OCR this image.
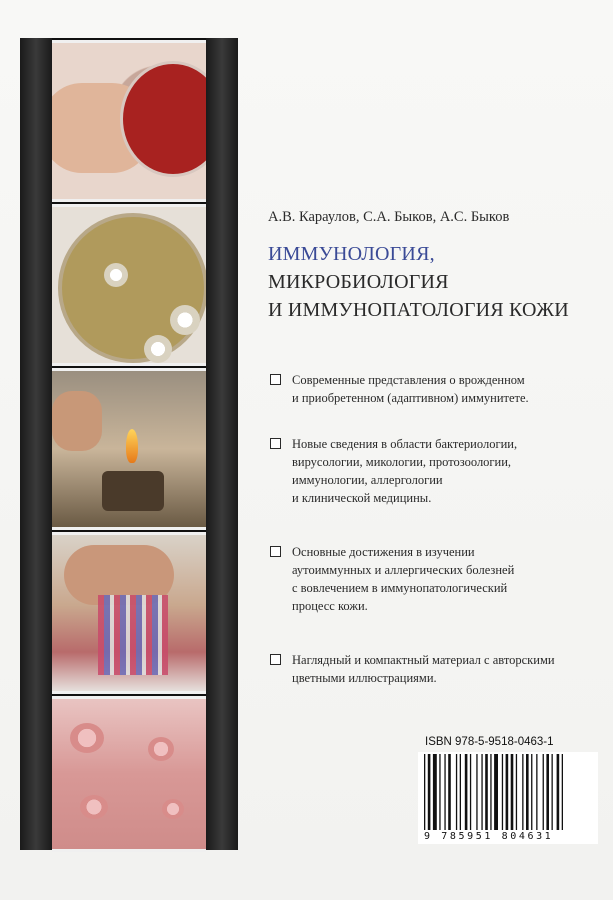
А.В. Караулов, С.А. Быков, А.С. Быков
ИММУНОЛОГИЯ,
МИКРОБИОЛОГИЯ
И ИММУНОПАТОЛОГИЯ КОЖИ
Современные представления о врожденном
и приобретенном (адаптивном) иммунитете.
Новые сведения в области бактериологии,
вирусологии, микологии, протозоологии,
иммунологии, аллергологии
и клинической медицины.
Основные достижения в изучении
аутоиммунных и аллергических болезней
с вовлечением в иммунопатологический
процесс кожи.
Наглядный и компактный материал с авторскими
цветными иллюстрациями.
ISBN 978-5-9518-0463-1
9 785951 804631
